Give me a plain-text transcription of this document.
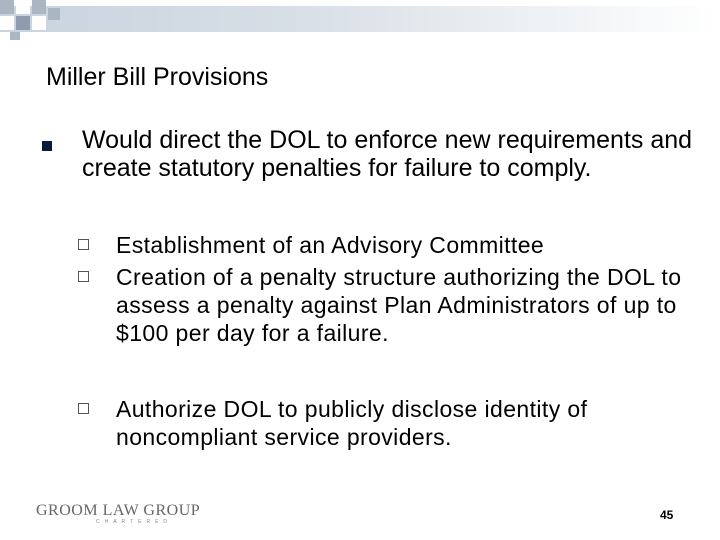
Miller Bill Provisions
Would direct the DOL to enforce new requirements and create statutory penalties for failure to comply.
Establishment of an Advisory Committee
Creation of a penalty structure authorizing the DOL to assess a penalty against Plan Administrators of up to $100 per day for a failure.
Authorize DOL to publicly disclose identity of noncompliant service providers.
GROOM LAW GROUP
CHARTERED	45
